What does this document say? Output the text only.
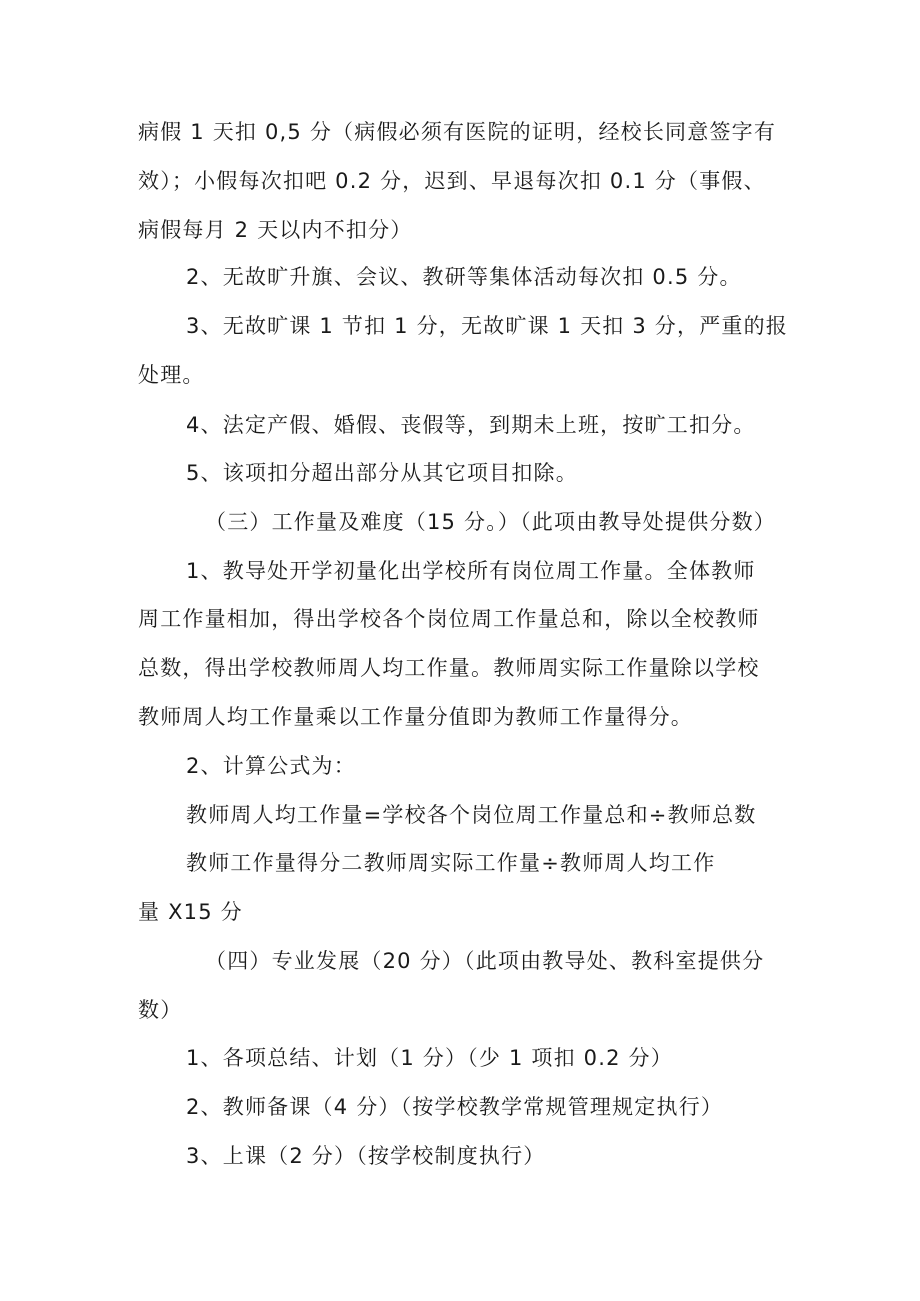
病假 1 天扣 0,5 分（病假必须有医院的证明，经校长同意签字有
效）；小假每次扣吧 0.2 分，迟到、早退每次扣 0.1 分（事假、
病假每月 2 天以内不扣分）
2、无故旷升旗、会议、教研等集体活动每次扣 0.5 分。
3、无故旷课 1 节扣 1 分，无故旷课 1 天扣 3 分，严重的报
处理。
4、法定产假、婚假、丧假等，到期未上班，按旷工扣分。
5、该项扣分超出部分从其它项目扣除。
（三）工作量及难度（15 分。）（此项由教导处提供分数）
1、教导处开学初量化出学校所有岗位周工作量。全体教师
周工作量相加，得出学校各个岗位周工作量总和，除以全校教师
总数，得出学校教师周人均工作量。教师周实际工作量除以学校
教师周人均工作量乘以工作量分值即为教师工作量得分。
2、计算公式为：
教师周人均工作量=学校各个岗位周工作量总和÷教师总数
教师工作量得分二教师周实际工作量÷教师周人均工作
量 X15 分
（四）专业发展（20 分）（此项由教导处、教科室提供分
数）
1、各项总结、计划（1 分）（少 1 项扣 0.2 分）
2、教师备课（4 分）（按学校教学常规管理规定执行）
3、上课（2 分）（按学校制度执行）
